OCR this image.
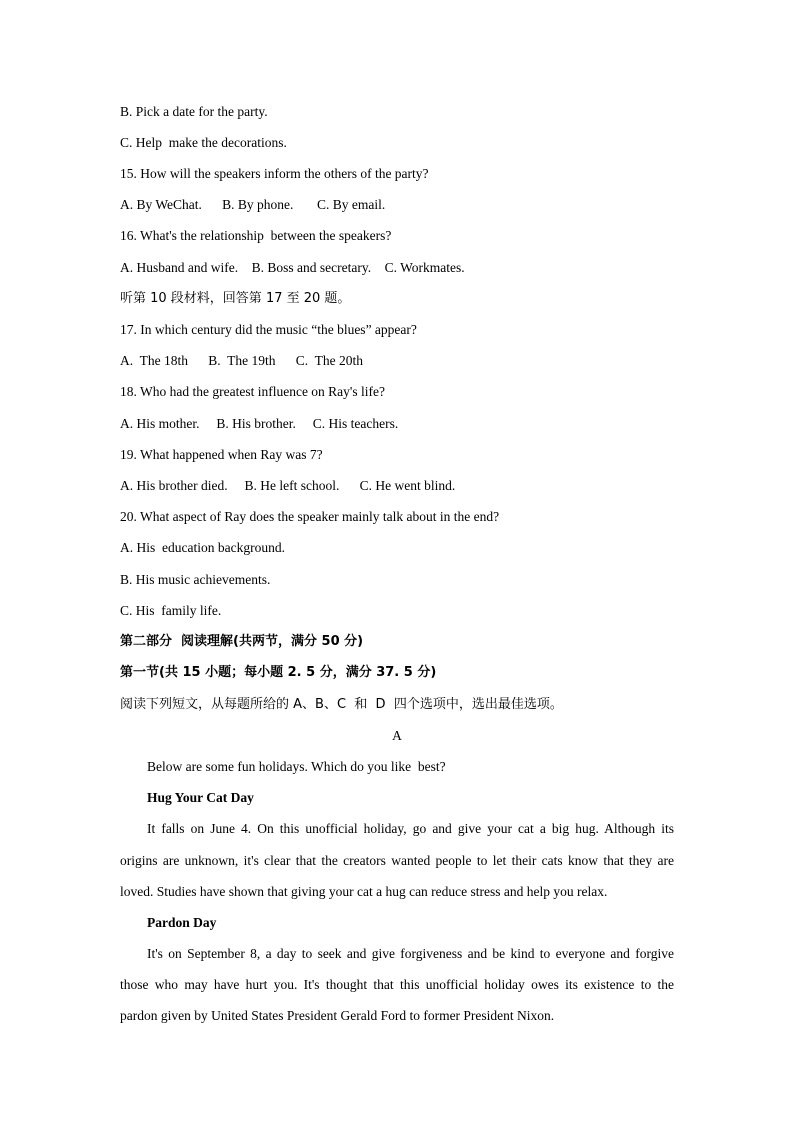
B. Pick a date for the party.
C. Help  make the decorations.
15. How will the speakers inform the others of the party?
A. By WeChat.      B. By phone.       C. By email.
16. What's the relationship  between the speakers?
A. Husband and wife.    B. Boss and secretary.    C. Workmates.
听第 10 段材料，回答第 17 至 20 题。
17. In which century did the music “the blues” appear?
A.  The 18th      B.  The 19th      C.  The 20th
18. Who had the greatest influence on Ray's life?
A. His mother.     B. His brother.     C. His teachers.
19. What happened when Ray was 7?
A. His brother died.     B. He left school.      C. He went blind.
20. What aspect of Ray does the speaker mainly talk about in the end?
A. His  education background.
B. His music achievements.
C. His  family life.
第二部分  阅读理解(共两节，满分 50 分)
第一节(共 15 小题；每小题 2. 5 分，满分 37. 5 分)
阅读下列短文，从每题所给的 A、B、C  和  D  四个选项中，选出最佳选项。
A
Below are some fun holidays. Which do you like  best?
Hug Your Cat Day
It falls on June 4. On this unofficial holiday, go and give your cat a big hug. Although its
origins are unknown, it's clear that the creators wanted people to let their cats know that they are
loved. Studies have shown that giving your cat a hug can reduce stress and help you relax.
Pardon Day
It's on September 8, a day to seek and give forgiveness and be kind to everyone and forgive
those who may have hurt you. It's thought that this unofficial holiday owes its existence to the
pardon given by United States President Gerald Ford to former President Nixon.
